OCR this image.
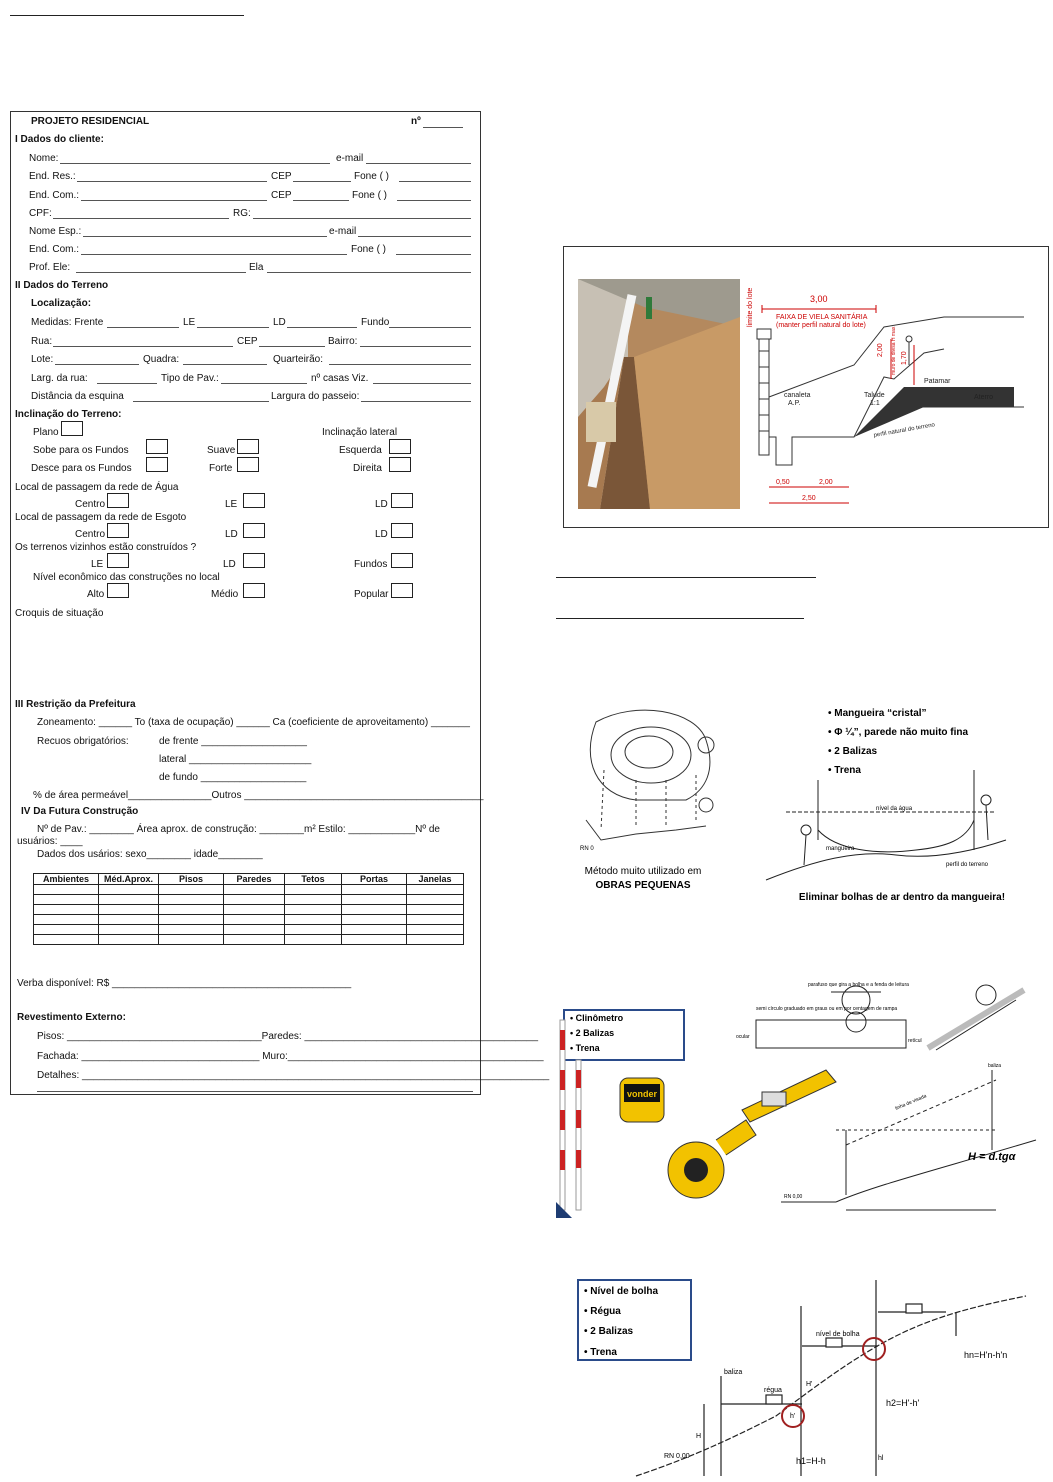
PROJETO RESIDENCIAL	nº
I Dados do cliente:
Nome:	e-mail
End. Res.:	CEP	Fone ( )
End. Com.:	CEP	Fone ( )
CPF:	RG:
Nome Esp.:	e-mail
End. Com.:	Fone ( )
Prof. Ele:	Ela
II Dados do Terreno
Localização:
Medidas: Frente	LE	LD	Fundo
Rua:	CEP	Bairro:
Lote:	Quadra:	Quarteirão:
Larg. da rua:	Tipo de Pav.:	nº casas Viz.
Distância da esquina	Largura do passeio:
Inclinação do Terreno:
Plano	Inclinação lateral
Sobe para os Fundos	Suave	Esquerda
Desce para os Fundos	Forte	Direita
Local de passagem da rede de Água
Centro	LE	LD
Local de passagem da rede de Esgoto
Centro	LD	LD
Os terrenos vizinhos estão construídos ?
LE	LD	Fundos
Nível econômico das construções no local
Alto	Médio	Popular
Croquis de situação
III Restrição da Prefeitura
Zoneamento: ______ To (taxa de ocupação) ______ Ca (coeficiente de aproveitamento) _______
Recuos obrigatórios:	de frente ___________________
lateral ______________________
de fundo ___________________
% de área permeável_______________Outros ___________________________________________
IV Da Futura Construção
Nº de Pav.: ________ Área aprox. de construção: ________m² Estilo: ____________Nº de
usuários: ____
Dados dos usários: sexo________ idade________
Ambientes	Méd.Aprox.	Pisos	Paredes	Tetos	Portas	Janelas

Verba disponível: R$ ___________________________________________
Revestimento Externo:
Pisos: ___________________________________Paredes: __________________________________________
Fachada: ________________________________ Muro:______________________________________________
Detalhes: ____________________________________________________________________________________
3,00
FAIXA DE VIELA SANITÁRIA
(manter perfil natural do lote)
limite do lote
2,00
1,70
muro de divisa H max
0,50	2,00
2,50
Patamar
Aterro
Talude
1:1
canaleta
A.P.
perfil natural do terreno
Método muito utilizado em
OBRAS PEQUENAS
• Mangueira “cristal”
• Φ ¼”, parede não muito fina
• 2 Balizas
• Trena
nível da água
mangueira
perfil do terreno
RN 0
Eliminar bolhas de ar dentro da mangueira!
• Clinômetro
• 2 Balizas
• Trena
vonder
parafuso que gira a bolha e a fenda de leitura
semi círculo graduado em graus ou em por centagem de rampa
ocular
retícul
baliza
linha de visada
RN 0,00
H = d.tgα
• Nível de bolha
• Régua
• 2 Balizas
• Trena
baliza
régua
nível de bolha
H
H'
h'
h1=H-h
h2=H'-h'
hn=H'n-h'n
hl
RN 0,00
